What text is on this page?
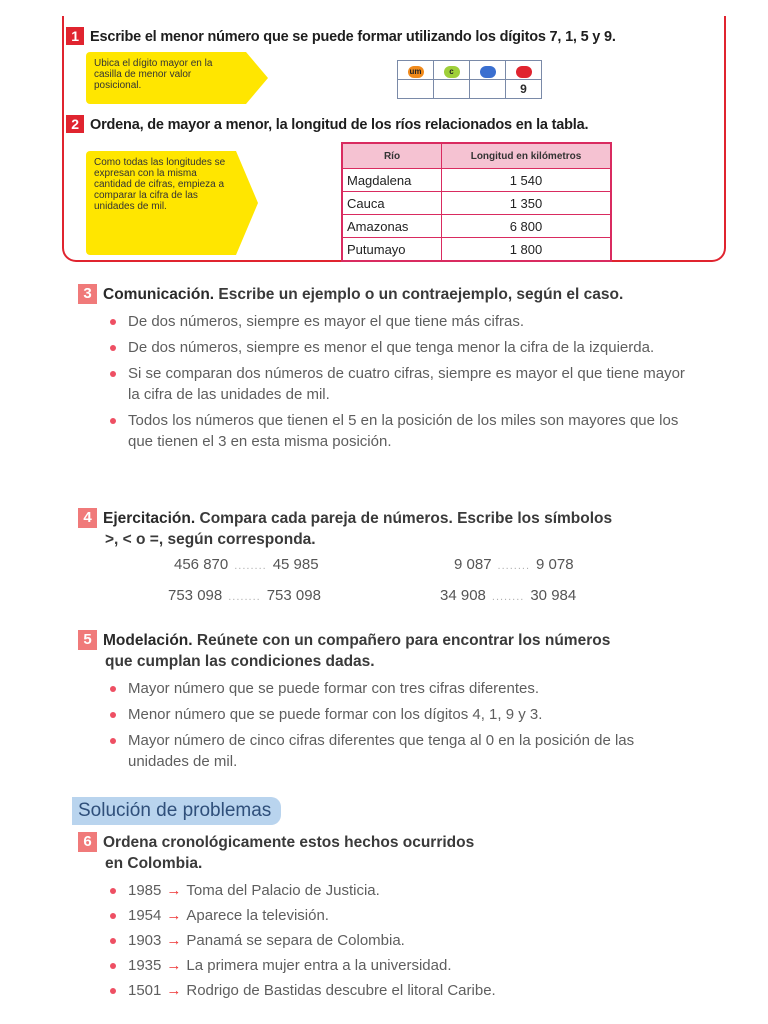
1 Escribe el menor número que se puede formar utilizando los dígitos 7, 1, 5 y 9.
Ubica el dígito mayor en la casilla de menor valor posicional.
um	c	d	u
			9
2 Ordena, de mayor a menor, la longitud de los ríos relacionados en la tabla.
Como todas las longitudes se expresan con la misma cantidad de cifras, empieza a comparar la cifra de las unidades de mil.
Río	Longitud en kilómetros
Magdalena	1 540
Cauca	1 350
Amazonas	6 800
Putumayo	1 800
3 Comunicación. Escribe un ejemplo o un contraejemplo, según el caso.
De dos números, siempre es mayor el que tiene más cifras.
De dos números, siempre es menor el que tenga menor la cifra de la izquierda.
Si se comparan dos números de cuatro cifras, siempre es mayor el que tiene mayor la cifra de las unidades de mil.
Todos los números que tienen el 5 en la posición de los miles son mayores que los que tienen el 3 en esta misma posición.
4 Ejercitación. Compara cada pareja de números. Escribe los símbolos
>, < o =, según corresponda.
456 870 ........ 45 985	9 087 ........ 9 078
753 098 ........ 753 098	34 908 ........ 30 984
5 Modelación. Reúnete con un compañero para encontrar los números
que cumplan las condiciones dadas.
Mayor número que se puede formar con tres cifras diferentes.
Menor número que se puede formar con los dígitos 4, 1, 9 y 3.
Mayor número de cinco cifras diferentes que tenga al 0 en la posición de las unidades de mil.
Solución de problemas
6 Ordena cronológicamente estos hechos ocurridos
en Colombia.
1985 → Toma del Palacio de Justicia.
1954 → Aparece la televisión.
1903 → Panamá se separa de Colombia.
1935 → La primera mujer entra a la universidad.
1501 → Rodrigo de Bastidas descubre el litoral Caribe.
